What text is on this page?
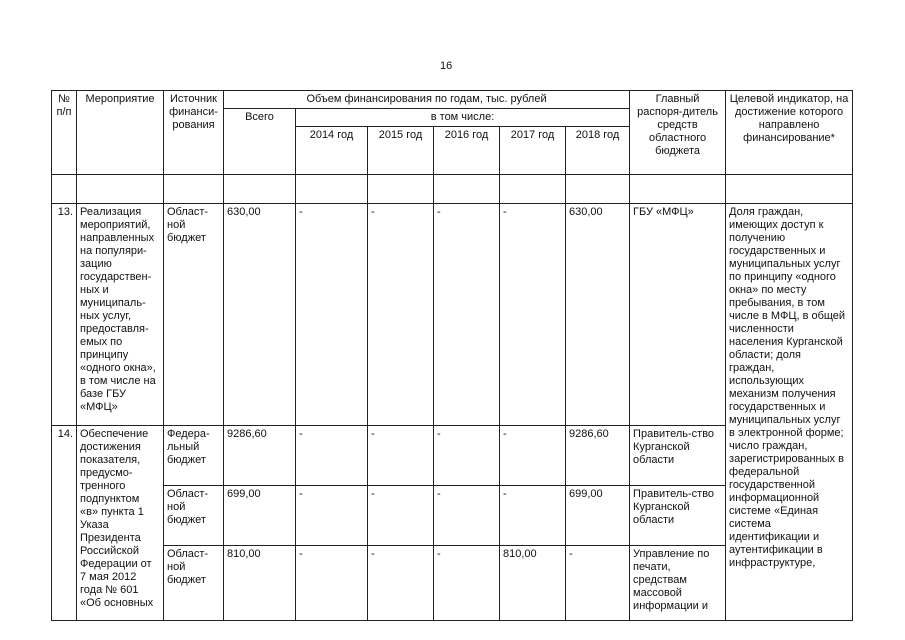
16
№ п/п	Мероприятие	Источник финанси-рования	Объем финансирования по годам, тыс. рублей						Главный распоря-дитель средств областного бюджета	Целевой индикатор, на достижение которого направлено финансирование*
			Всего	в том числе:						
				2014 год	2015 год	2016 год	2017 год	2018 год		

13.	Реализация мероприятий, направленных на популяри-зацию государствен-ных и муниципаль-ных услуг, предоставля-емых по принципу «одного окна», в том числе на базе ГБУ «МФЦ»	Област-ной бюджет	630,00	-	-	-	-	630,00	ГБУ «МФЦ»	Доля граждан, имеющих доступ к получению государственных и муниципальных услуг по принципу «одного окна» по месту пребывания, в том числе в МФЦ, в общей численности населения Курганской области; доля граждан, использующих механизм получения государственных и муниципальных услуг в электронной форме; число граждан, зарегистрированных в федеральной государственной информационной системе «Единая система идентификации и аутентификации в инфраструктуре,
14.	Обеспечение достижения показателя, предусмо-тренного подпунктом «в» пункта 1 Указа Президента Российской Федерации от 7 мая 2012 года № 601 «Об основных	Федера-льный бюджет	9286,60	-	-	-	-	9286,60	Правитель-ство Курганской области	
		Област-ной бюджет	699,00	-	-	-	-	699,00	Правитель-ство Курганской области	
		Област-ной бюджет	810,00	-	-	-	810,00	-	Управление по печати, средствам массовой информации и	
